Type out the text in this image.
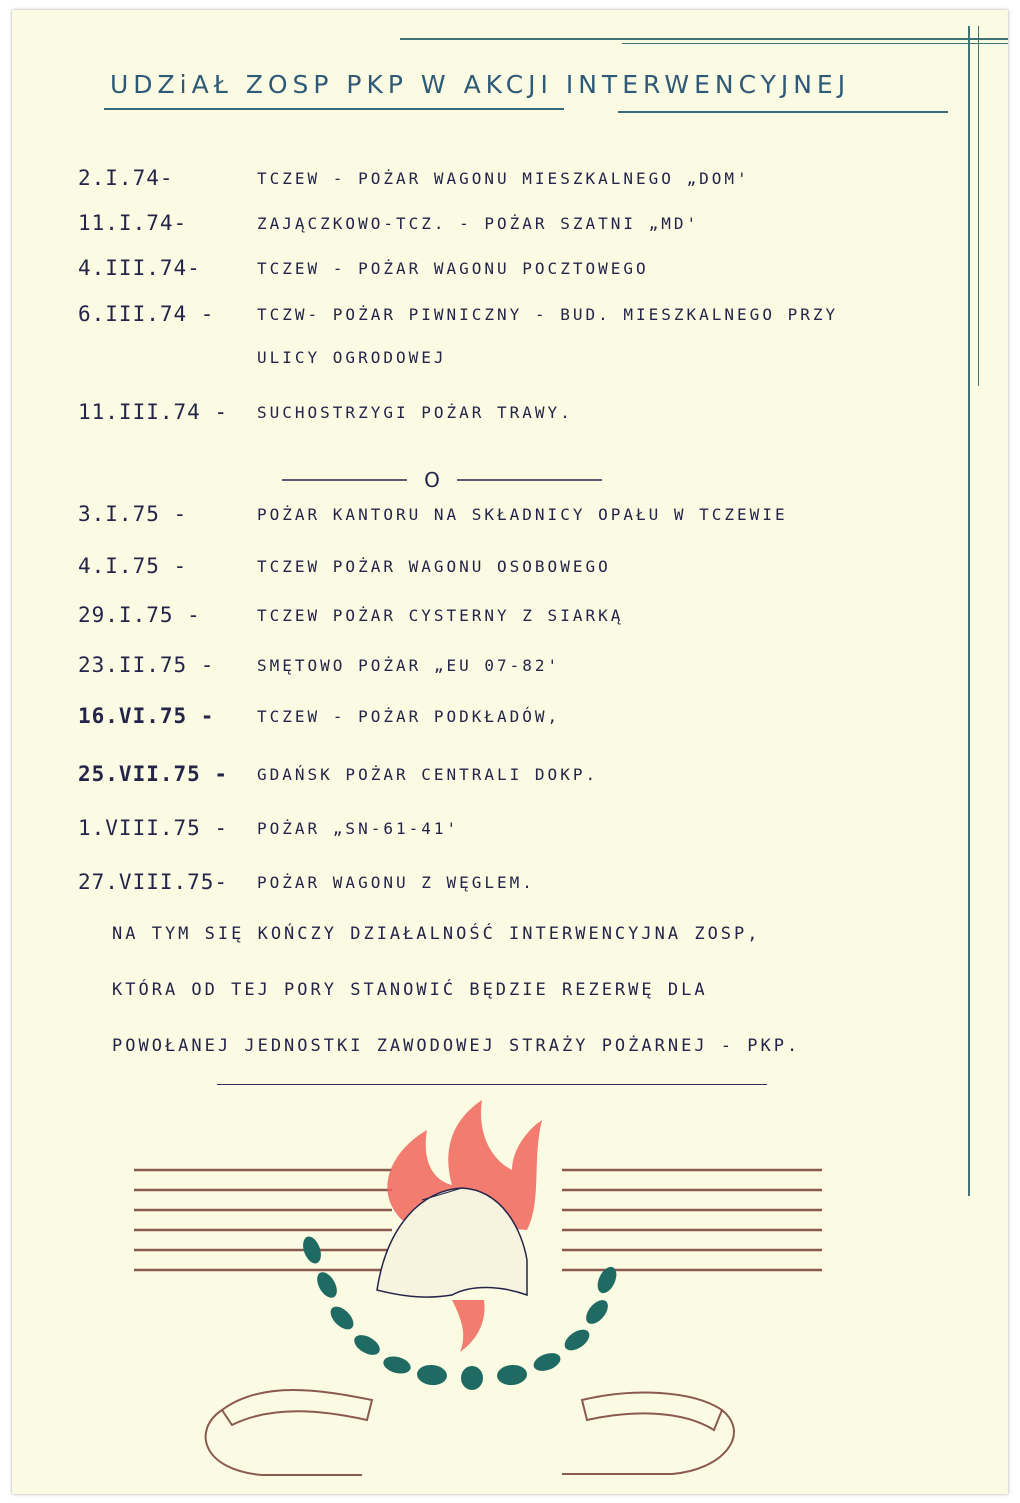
UDZiAŁ ZOSP PKP W AKCJI INTERWENCYJNEJ
2.I.74-	TCZEW - POŻAR WAGONU MIESZKALNEGO „DOM'
11.I.74-	ZAJĄCZKOWO-TCZ. - POŻAR SZATNI „MD'
4.III.74-	TCZEW - POŻAR WAGONU POCZTOWEGO
6.III.74 -	TCZW- POŻAR PIWNICZNY - BUD. MIESZKALNEGO PRZY
ULICY OGRODOWEJ
11.III.74 - SUCHOSTRZYGI POŻAR TRAWY.
O
3.I.75 -	POŻAR KANTORU NA SKŁADNICY OPAŁU W TCZEWIE
4.I.75 -	TCZEW POŻAR WAGONU OSOBOWEGO
29.I.75 -	TCZEW POŻAR CYSTERNY Z SIARKĄ
23.II.75 -	SMĘTOWO POŻAR „EU 07-82'
16.VI.75 -	TCZEW - POŻAR PODKŁADÓW,
25.VII.75 - GDAŃSK POŻAR CENTRALI DOKP.
1.VIII.75 - POŻAR „SN-61-41'
27.VIII.75- POŻAR WAGONU Z WĘGLEM.
NA TYM SIĘ KOŃCZY DZIAŁALNOŚĆ INTERWENCYJNA ZOSP,
KTÓRA OD TEJ PORY STANOWIĆ BĘDZIE REZERWĘ DLA
POWOŁANEJ JEDNOSTKI ZAWODOWEJ STRAŻY POŻARNEJ - PKP.
